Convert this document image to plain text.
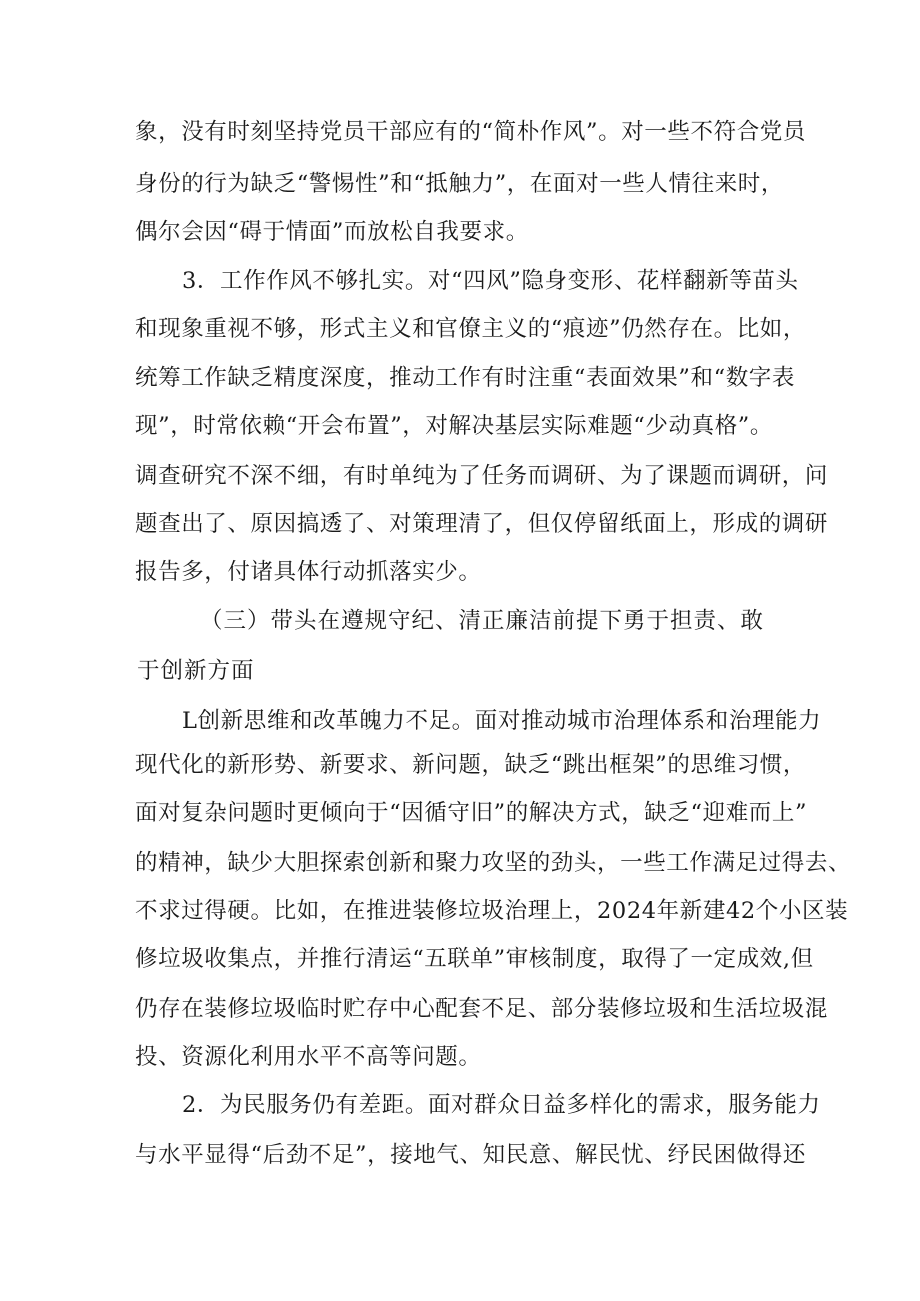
象，没有时刻坚持党员干部应有的“简朴作风”。对一些不符合党员
身份的行为缺乏“警惕性”和“抵触力”，在面对一些人情往来时，
偶尔会因“碍于情面”而放松自我要求。
3．工作作风不够扎实。对“四风”隐身变形、花样翻新等苗头
和现象重视不够，形式主义和官僚主义的“痕迹”仍然存在。比如，
统筹工作缺乏精度深度，推动工作有时注重“表面效果”和“数字表
现”，时常依赖“开会布置”，对解决基层实际难题“少动真格”。
调查研究不深不细，有时单纯为了任务而调研、为了课题而调研，问
题查出了、原因搞透了、对策理清了，但仅停留纸面上，形成的调研
报告多，付诸具体行动抓落实少。
（三）带头在遵规守纪、清正廉洁前提下勇于担责、敢
于创新方面
L创新思维和改革魄力不足。面对推动城市治理体系和治理能力
现代化的新形势、新要求、新问题，缺乏“跳出框架”的思维习惯，
面对复杂问题时更倾向于“因循守旧”的解决方式，缺乏“迎难而上”
的精神，缺少大胆探索创新和聚力攻坚的劲头，一些工作满足过得去、
不求过得硬。比如，在推进装修垃圾治理上，2024年新建42个小区装
修垃圾收集点，并推行清运“五联单”审核制度，取得了一定成效,但
仍存在装修垃圾临时贮存中心配套不足、部分装修垃圾和生活垃圾混
投、资源化利用水平不高等问题。
2．为民服务仍有差距。面对群众日益多样化的需求，服务能力
与水平显得“后劲不足”，接地气、知民意、解民忧、纾民困做得还
